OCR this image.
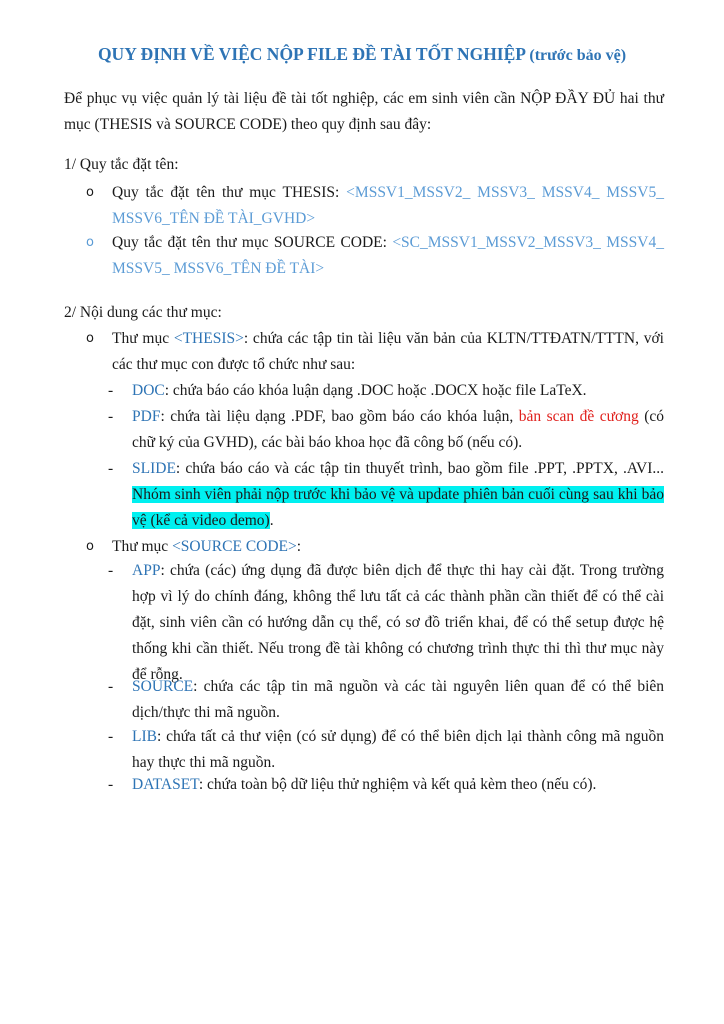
QUY ĐỊNH VỀ VIỆC NỘP FILE ĐỀ TÀI TỐT NGHIỆP (trước bảo vệ)
Để phục vụ việc quản lý tài liệu đề tài tốt nghiệp, các em sinh viên cần NỘP ĐẦY ĐỦ hai thư mục (THESIS và SOURCE CODE) theo quy định sau đây:
1/ Quy tắc đặt tên:
o Quy tắc đặt tên thư mục THESIS: <MSSV1_MSSV2_ MSSV3_ MSSV4_ MSSV5_ MSSV6_TÊN ĐỀ TÀI_GVHD>
o Quy tắc đặt tên thư mục SOURCE CODE: <SC_MSSV1_MSSV2_MSSV3_ MSSV4_ MSSV5_ MSSV6_TÊN ĐỀ TÀI>
2/ Nội dung các thư mục:
o Thư mục <THESIS>: chứa các tập tin tài liệu văn bản của KLTN/TTĐATN/TTTN, với các thư mục con được tổ chức như sau:
- DOC: chứa báo cáo khóa luận dạng .DOC hoặc .DOCX hoặc file LaTeX.
- PDF: chứa tài liệu dạng .PDF, bao gồm báo cáo khóa luận, bản scan đề cương (có chữ ký của GVHD), các bài báo khoa học đã công bố (nếu có).
- SLIDE: chứa báo cáo và các tập tin thuyết trình, bao gồm file .PPT, .PPTX, .AVI... Nhóm sinh viên phải nộp trước khi bảo vệ và update phiên bản cuối cùng sau khi bảo vệ (kể cả video demo).
o Thư mục <SOURCE CODE>:
- APP: chứa (các) ứng dụng đã được biên dịch để thực thi hay cài đặt. Trong trường hợp vì lý do chính đáng, không thể lưu tất cả các thành phần cần thiết để có thể cài đặt, sinh viên cần có hướng dẫn cụ thể, có sơ đồ triển khai, để có thể setup được hệ thống khi cần thiết. Nếu trong đề tài không có chương trình thực thi thì thư mục này để rỗng.
- SOURCE: chứa các tập tin mã nguồn và các tài nguyên liên quan để có thể biên dịch/thực thi mã nguồn.
- LIB: chứa tất cả thư viện (có sử dụng) để có thể biên dịch lại thành công mã nguồn hay thực thi mã nguồn.
- DATASET: chứa toàn bộ dữ liệu thử nghiệm và kết quả kèm theo (nếu có).
